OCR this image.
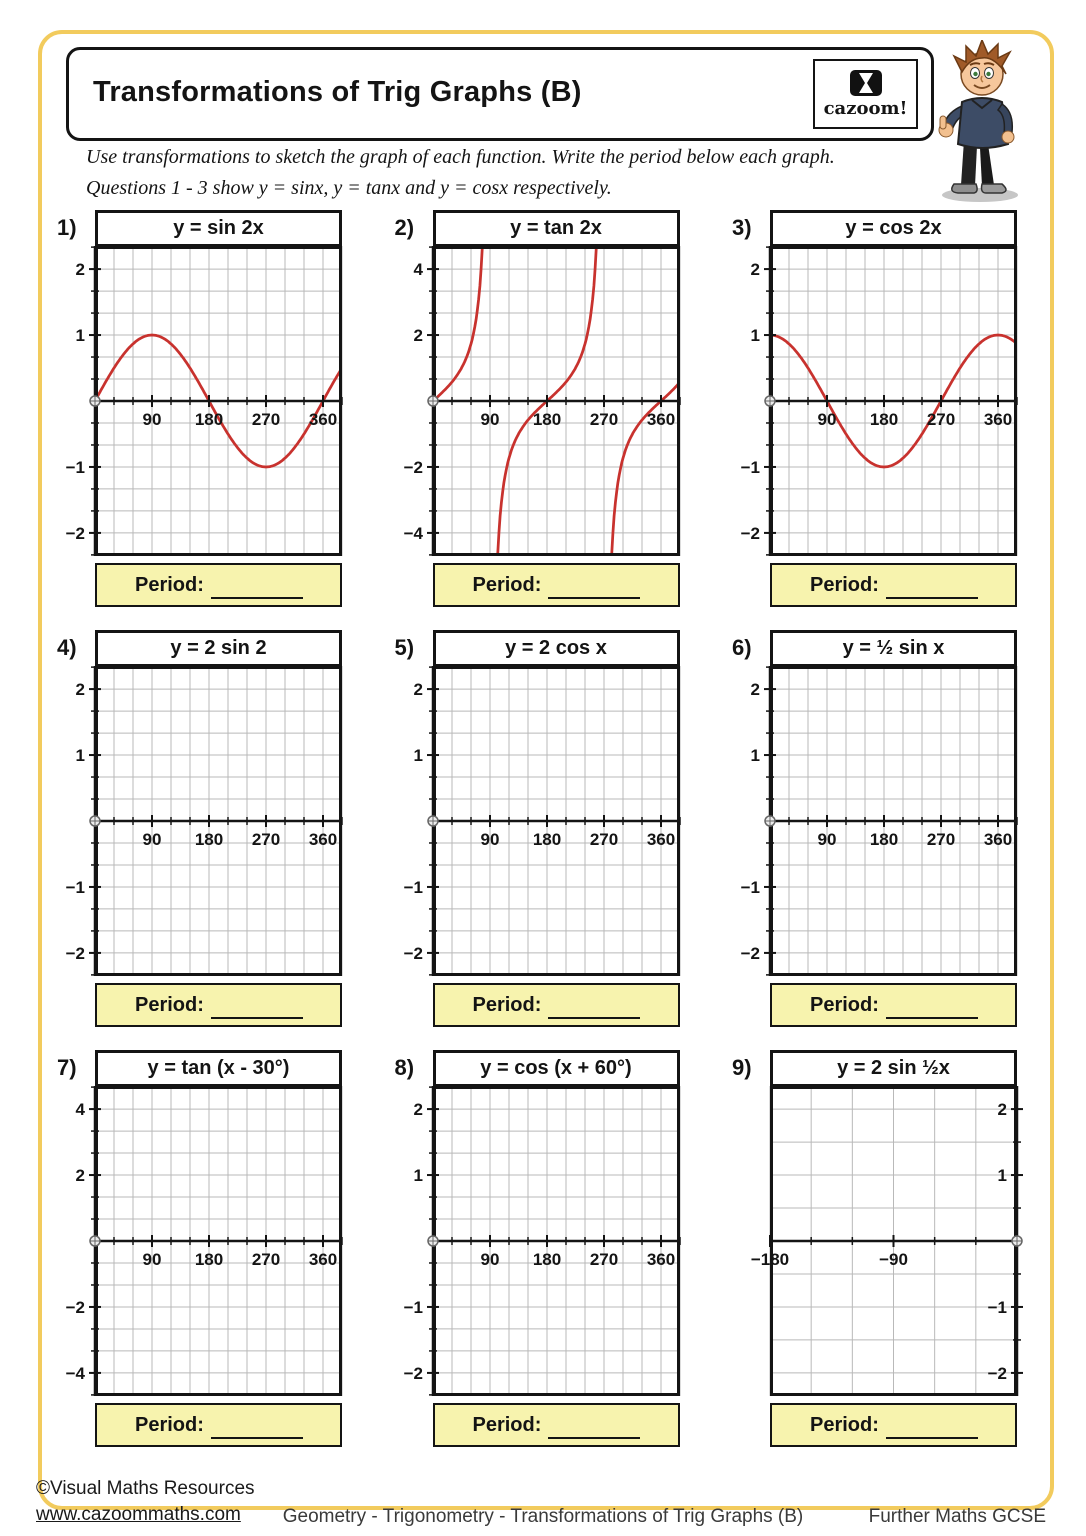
Transformations of Trig Graphs (B)
cazoom!
Use transformations to sketch the graph of each function. Write the period below each graph.
Questions 1 - 3 show y = sinx, y = tanx and y = cosx respectively.
1)	y = sin 2x
90 180 270 360
2
1
−1
−2
Period:
2)	y = tan 2x
90 180 270 360
4
2
−2
−4
Period:
3)	y = cos 2x
90 180 270 360
2
1
−1
−2
Period:
4)	y = 2 sin 2
90 180 270 360
2
1
−1
−2
Period:
5)	y = 2 cos x
90 180 270 360
2
1
−1
−2
Period:
6)	y = ½ sin x
90 180 270 360
2
1
−1
−2
Period:
7)	y = tan (x - 30°)
90 180 270 360
4
2
−2
−4
Period:
8)	y = cos (x + 60°)
90 180 270 360
2
1
−1
−2
Period:
9)	y = 2 sin ½x
−180	−90
2
1
−1
−2
Period:
©Visual Maths Resources
www.cazoommaths.com	Geometry - Trigonometry - Transformations of Trig Graphs (B)	Further Maths GCSE
